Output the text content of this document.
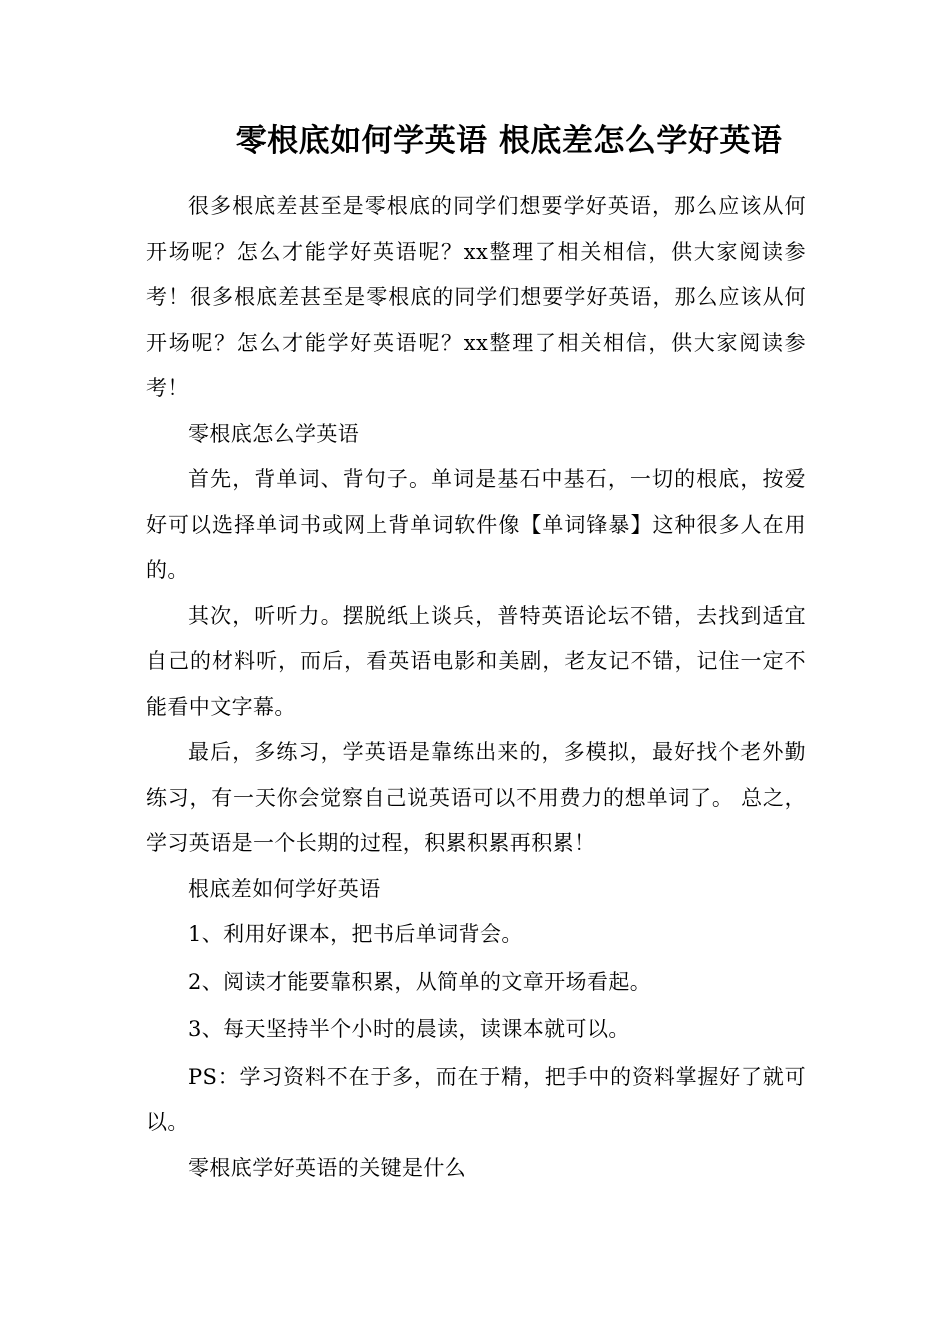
零根底如何学英语 根底差怎么学好英语

很多根底差甚至是零根底的同学们想要学好英语，那么应该从何开场呢？怎么才能学好英语呢？xx整理了相关相信，供大家阅读参考！很多根底差甚至是零根底的同学们想要学好英语，那么应该从何开场呢？怎么才能学好英语呢？xx整理了相关相信，供大家阅读参考！

零根底怎么学英语

首先，背单词、背句子。单词是基石中基石，一切的根底，按爱好可以选择单词书或网上背单词软件像【单词锋暴】这种很多人在用的。

其次，听听力。摆脱纸上谈兵，普特英语论坛不错，去找到适宜自己的材料听，而后，看英语电影和美剧，老友记不错，记住一定不能看中文字幕。

最后，多练习，学英语是靠练出来的，多模拟，最好找个老外勤练习，有一天你会觉察自己说英语可以不用费力的想单词了。 总之，学习英语是一个长期的过程，积累积累再积累！

根底差如何学好英语

1、利用好课本，把书后单词背会。

2、阅读才能要靠积累，从简单的文章开场看起。

3、每天坚持半个小时的晨读，读课本就可以。

PS：学习资料不在于多，而在于精，把手中的资料掌握好了就可以。

零根底学好英语的关键是什么
